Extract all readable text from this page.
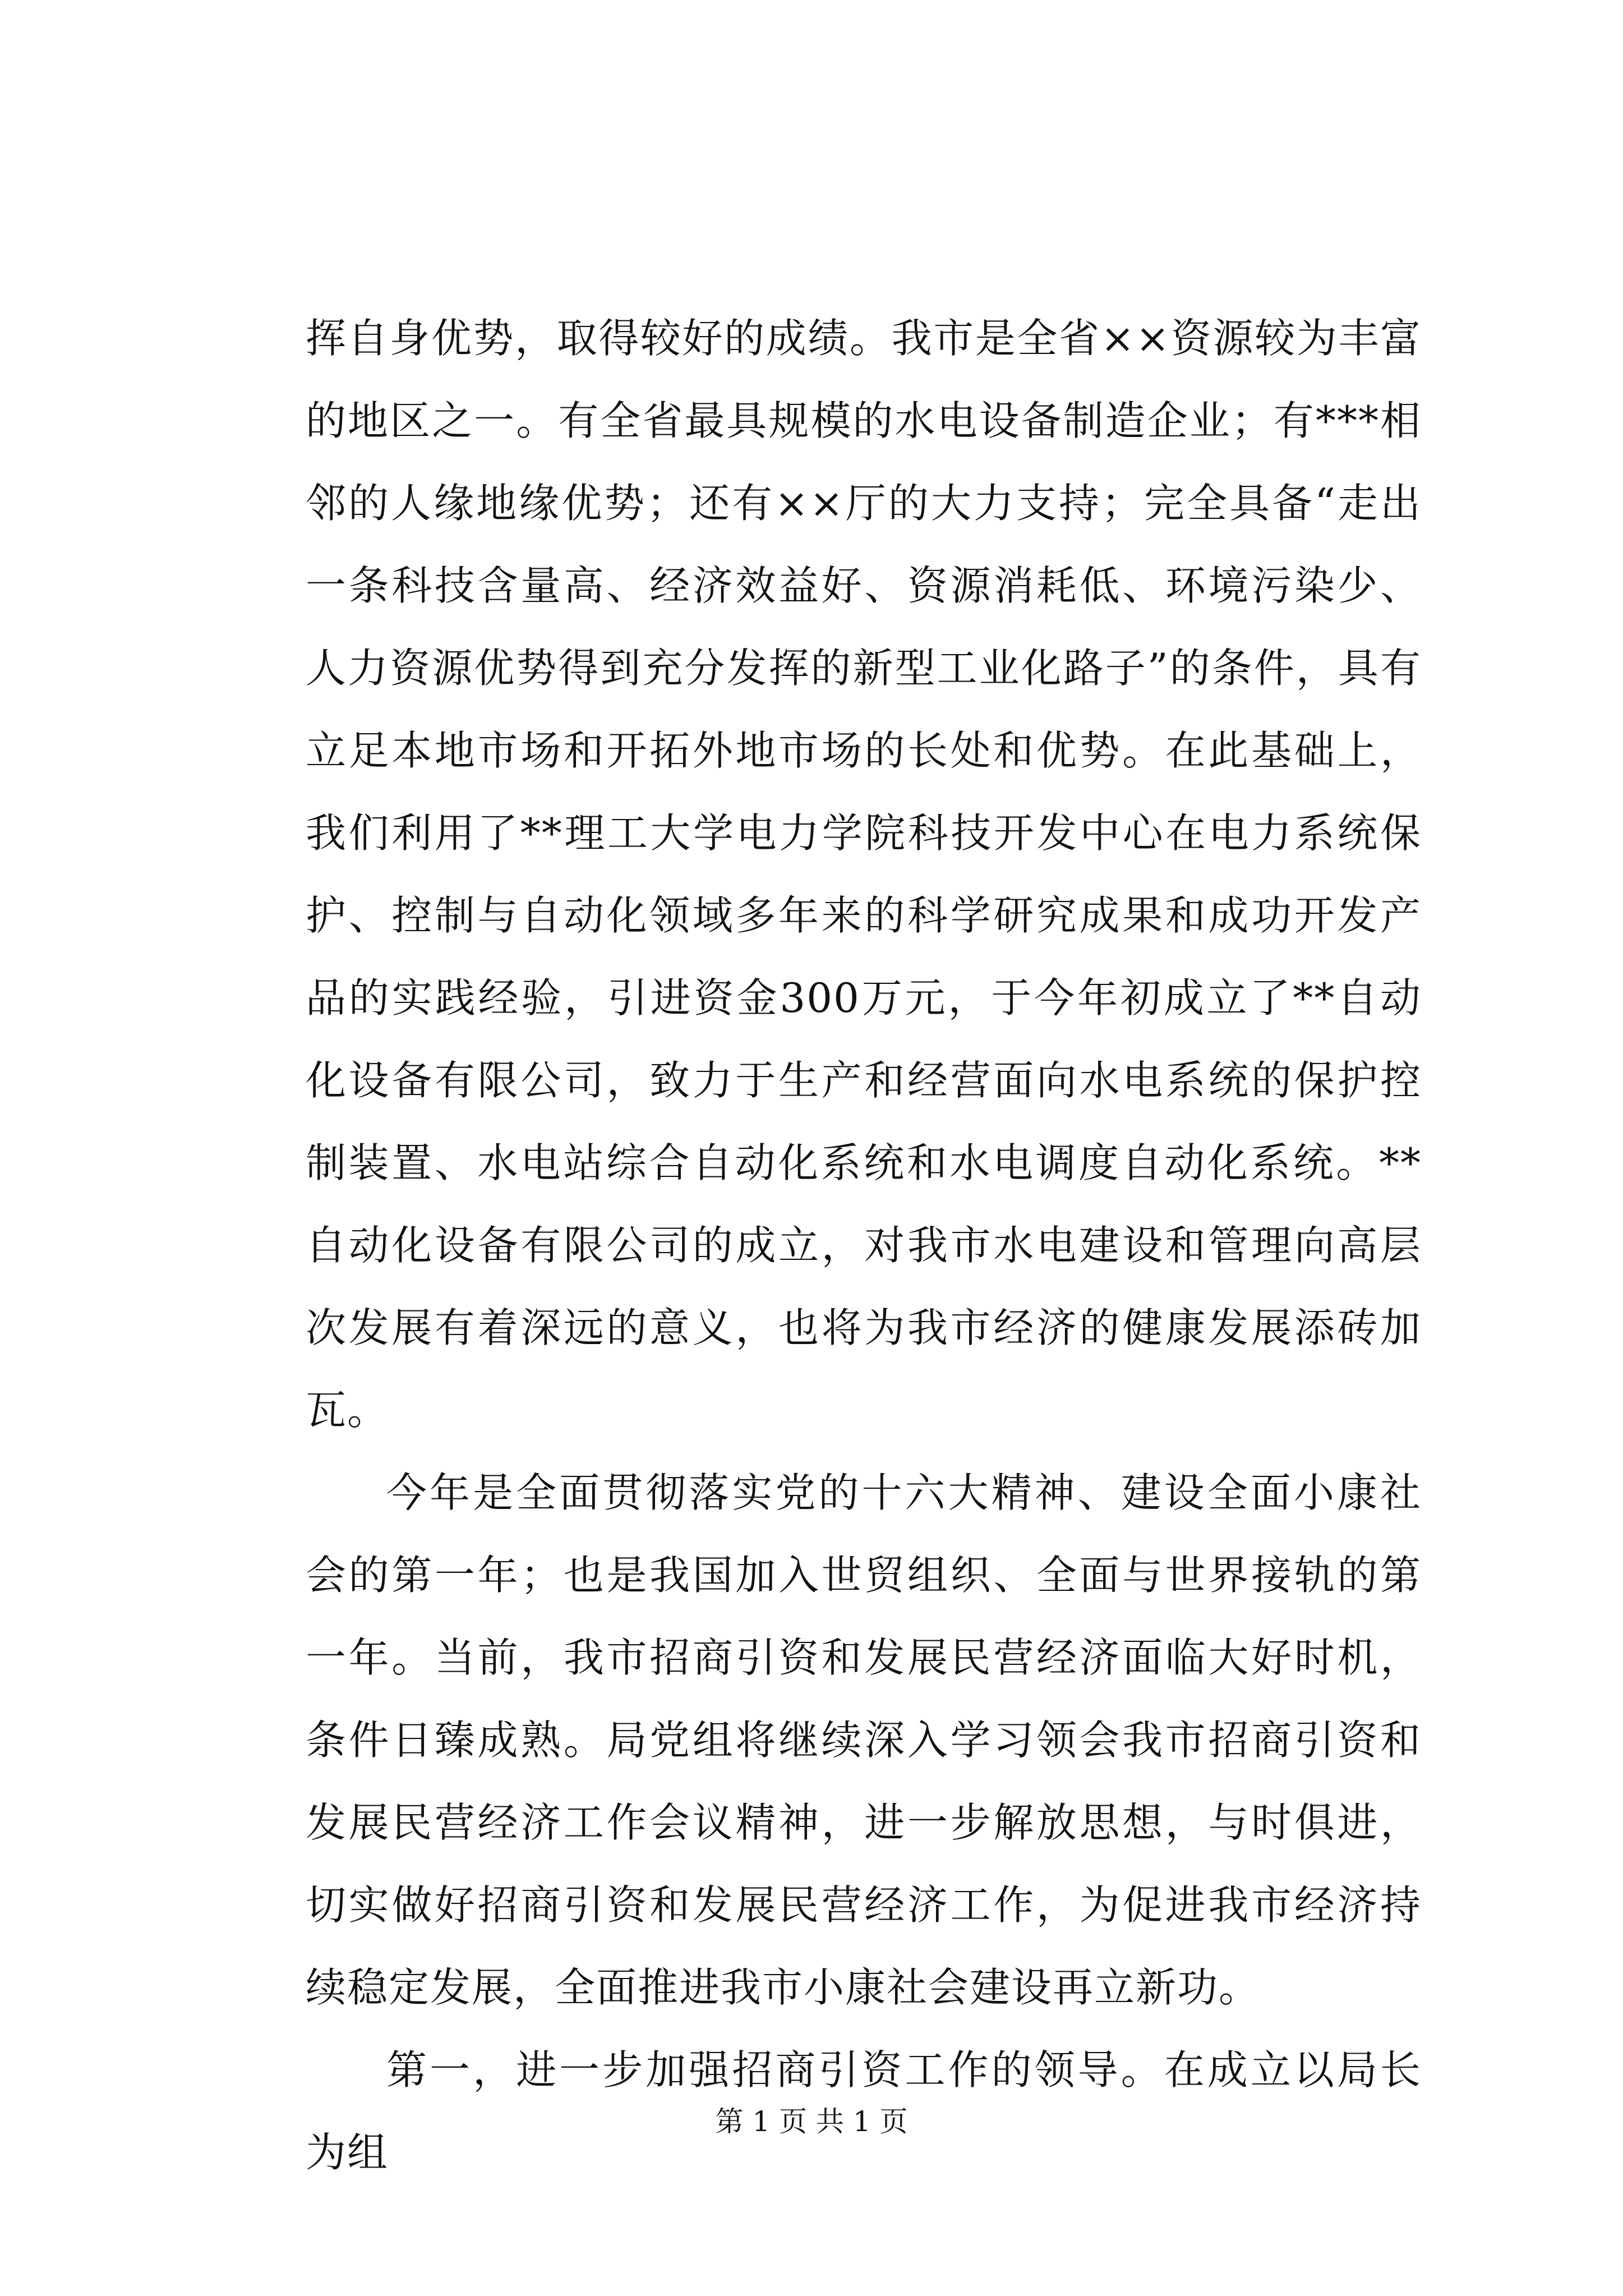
挥自身优势，取得较好的成绩。我市是全省××资源较为丰富的地区之一。有全省最具规模的水电设备制造企业；有***相邻的人缘地缘优势；还有××厅的大力支持；完全具备“走出一条科技含量高、经济效益好、资源消耗低、环境污染少、人力资源优势得到充分发挥的新型工业化路子”的条件，具有立足本地市场和开拓外地市场的长处和优势。在此基础上，我们利用了**理工大学电力学院科技开发中心在电力系统保护、控制与自动化领域多年来的科学研究成果和成功开发产品的实践经验，引进资金300万元，于今年初成立了**自动化设备有限公司，致力于生产和经营面向水电系统的保护控制装置、水电站综合自动化系统和水电调度自动化系统。**自动化设备有限公司的成立，对我市水电建设和管理向高层次发展有着深远的意义，也将为我市经济的健康发展添砖加瓦。

今年是全面贯彻落实党的十六大精神、建设全面小康社会的第一年；也是我国加入世贸组织、全面与世界接轨的第一年。当前，我市招商引资和发展民营经济面临大好时机，条件日臻成熟。局党组将继续深入学习领会我市招商引资和发展民营经济工作会议精神，进一步解放思想，与时俱进，切实做好招商引资和发展民营经济工作，为促进我市经济持续稳定发展，全面推进我市小康社会建设再立新功。

第一，进一步加强招商引资工作的领导。在成立以局长为组

第 1 页 共 1 页
